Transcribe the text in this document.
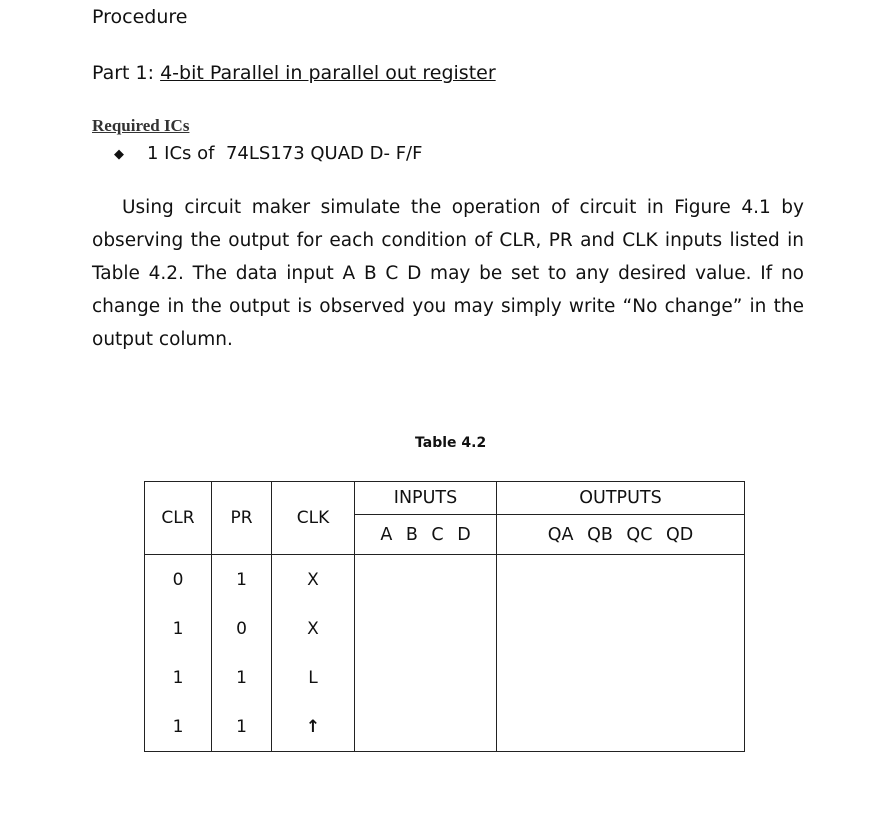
Procedure
Part 1: 4-bit Parallel in parallel out register
Required ICs
◆ 1 ICs of  74LS173 QUAD D- F/F

Using circuit maker simulate the operation of circuit in Figure 4.1 by observing the output for each condition of CLR, PR and CLK inputs listed in Table 4.2. The data input A B C D may be set to any desired value. If no change in the output is observed you may simply write “No change” in the output column.

Table 4.2
CLR	PR	CLK	INPUTS	OUTPUTS
			A B C D	QA QB QC QD
0	1	X		
1	0	X		
1	1	L		
1	1	↑		
